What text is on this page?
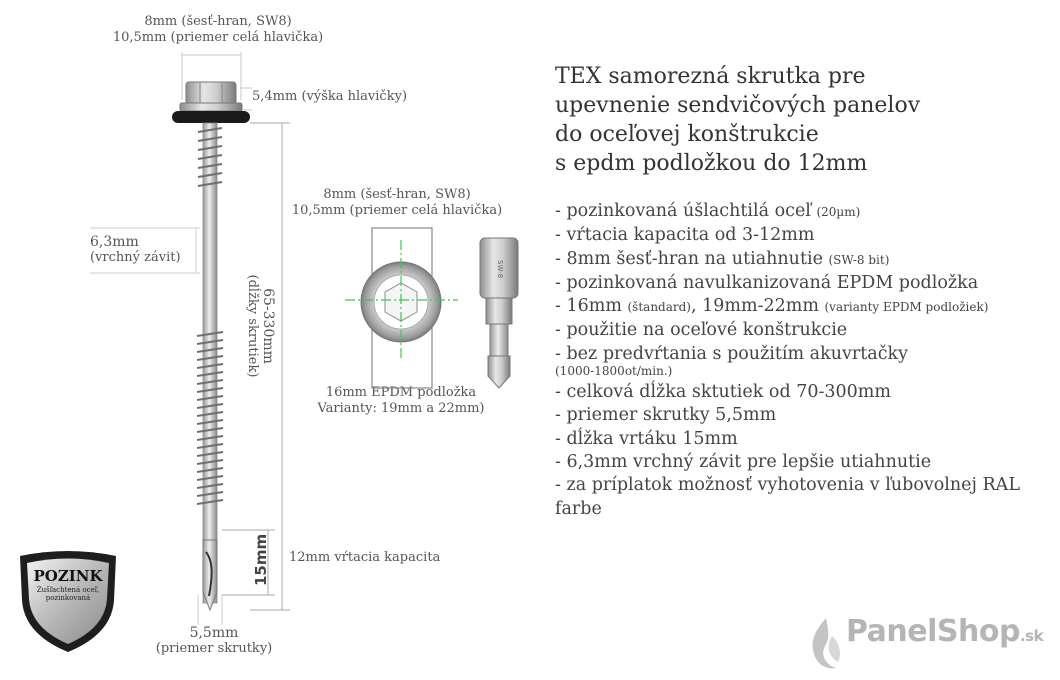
8mm (šesť-hran, SW8)
10,5mm (priemer celá hlavička)
5,4mm (výška hlavičky)
6,3mm
(vrchný závit)
65-330mm
(dĺžky skrutiek)
15mm 12mm vŕtacia kapacita
5,5mm
(priemer skrutky)
8mm (šesť-hran, SW8)
10,5mm (priemer celá hlavička)
16mm EPDM podložka
Varianty: 19mm a 22mm)
SW-8
POZINK
Zušľachtená oceľ,
pozinkovaná
TEX samorezná skrutka pre
upevnenie sendvičových panelov
do oceľovej konštrukcie
s epdm podložkou do 12mm
- pozinkovaná úšlachtilá oceľ (20µm)
- vŕtacia kapacita od 3-12mm
- 8mm šesť-hran na utiahnutie (SW-8 bit)
- pozinkovaná navulkanizovaná EPDM podložka
- 16mm (štandard), 19mm-22mm (varianty EPDM podložiek)
- použitie na oceľové konštrukcie
- bez predvŕtania s použitím akuvrtačky
(1000-1800ot/min.)
- celková dĺžka sktutiek od 70-300mm
- priemer skrutky 5,5mm
- dĺžka vrtáku 15mm
- 6,3mm vrchný závit pre lepšie utiahnutie
- za príplatok možnosť vyhotovenia v ľubovolnej RAL farbe
PanelShop.sk
